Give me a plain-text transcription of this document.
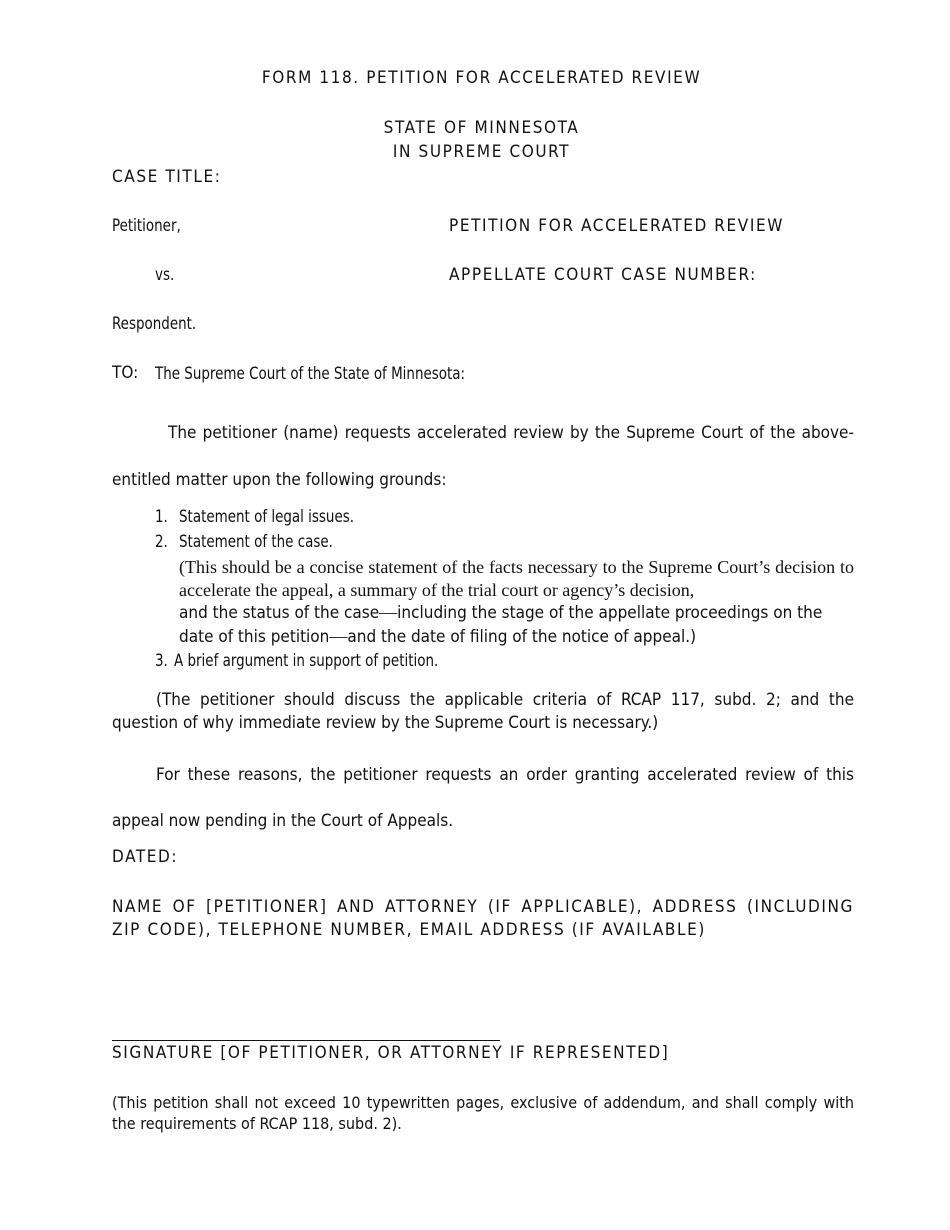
FORM 118. PETITION FOR ACCELERATED REVIEW
STATE OF MINNESOTA
IN SUPREME COURT
CASE TITLE:
Petitioner,	PETITION FOR ACCELERATED REVIEW
vs.	APPELLATE COURT CASE NUMBER:
Respondent.
TO: The Supreme Court of the State of Minnesota:
The petitioner (name) requests accelerated review by the Supreme Court of the above-entitled matter upon the following grounds:
1. Statement of legal issues.
2. Statement of the case.
3. A brief argument in support of petition.
(This should be a concise statement of the facts necessary to the Supreme Court’s decision to accelerate the appeal, a summary of the trial court or agency’s decision,
and the status of the case—including the stage of the appellate proceedings on the
date of this petition—and the date of filing of the notice of appeal.)
(The petitioner should discuss the applicable criteria of RCAP 117, subd. 2; and the question of why immediate review by the Supreme Court is necessary.)
For these reasons, the petitioner requests an order granting accelerated review of this appeal now pending in the Court of Appeals.
DATED:
NAME OF [PETITIONER] AND ATTORNEY (IF APPLICABLE), ADDRESS (INCLUDING ZIP CODE), TELEPHONE NUMBER, EMAIL ADDRESS (IF AVAILABLE)
SIGNATURE [OF PETITIONER, OR ATTORNEY IF REPRESENTED]
(This petition shall not exceed 10 typewritten pages, exclusive of addendum, and shall comply with the requirements of RCAP 118, subd. 2).
